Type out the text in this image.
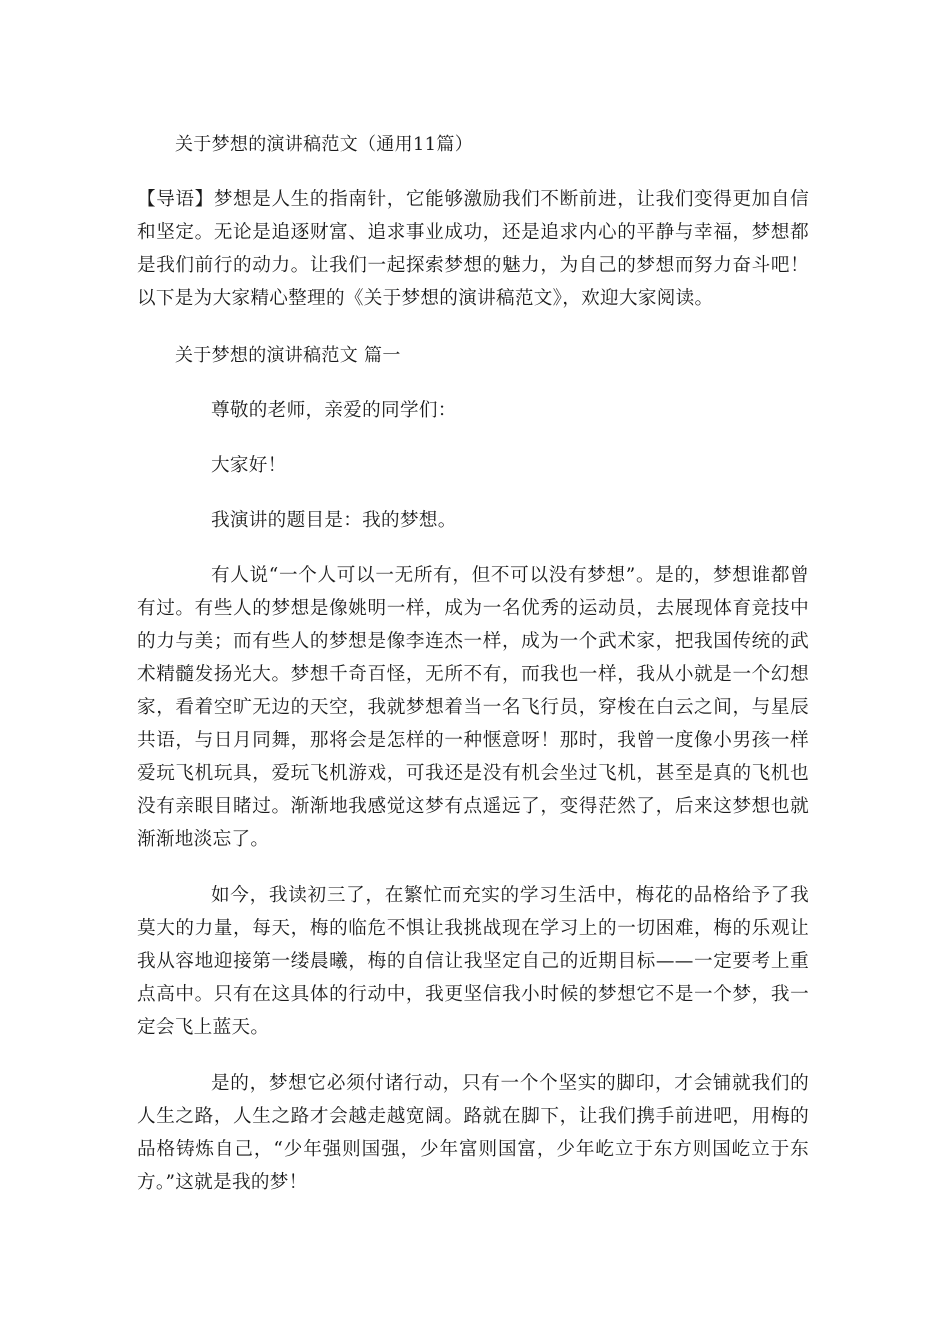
关于梦想的演讲稿范文（通用11篇）

【导语】梦想是人生的指南针，它能够激励我们不断前进，让我们变得更加自信和坚定。无论是追逐财富、追求事业成功，还是追求内心的平静与幸福，梦想都是我们前行的动力。让我们一起探索梦想的魅力，为自己的梦想而努力奋斗吧！以下是为大家精心整理的《关于梦想的演讲稿范文》，欢迎大家阅读。

关于梦想的演讲稿范文 篇一

尊敬的老师，亲爱的同学们：

大家好！

我演讲的题目是：我的梦想。

有人说“一个人可以一无所有，但不可以没有梦想”。是的，梦想谁都曾有过。有些人的梦想是像姚明一样，成为一名优秀的运动员，去展现体育竞技中的力与美；而有些人的梦想是像李连杰一样，成为一个武术家，把我国传统的武术精髓发扬光大。梦想千奇百怪，无所不有，而我也一样，我从小就是一个幻想家，看着空旷无边的天空，我就梦想着当一名飞行员，穿梭在白云之间，与星辰共语，与日月同舞，那将会是怎样的一种惬意呀！那时，我曾一度像小男孩一样爱玩飞机玩具，爱玩飞机游戏，可我还是没有机会坐过飞机，甚至是真的飞机也没有亲眼目睹过。渐渐地我感觉这梦有点遥远了，变得茫然了，后来这梦想也就渐渐地淡忘了。

如今，我读初三了，在繁忙而充实的学习生活中，梅花的品格给予了我莫大的力量，每天，梅的临危不惧让我挑战现在学习上的一切困难，梅的乐观让我从容地迎接第一缕晨曦，梅的自信让我坚定自己的近期目标——一定要考上重点高中。只有在这具体的行动中，我更坚信我小时候的梦想它不是一个梦，我一定会飞上蓝天。

是的，梦想它必须付诸行动，只有一个个坚实的脚印，才会铺就我们的人生之路，人生之路才会越走越宽阔。路就在脚下，让我们携手前进吧，用梅的品格铸炼自己，“少年强则国强，少年富则国富，少年屹立于东方则国屹立于东方。”这就是我的梦！
